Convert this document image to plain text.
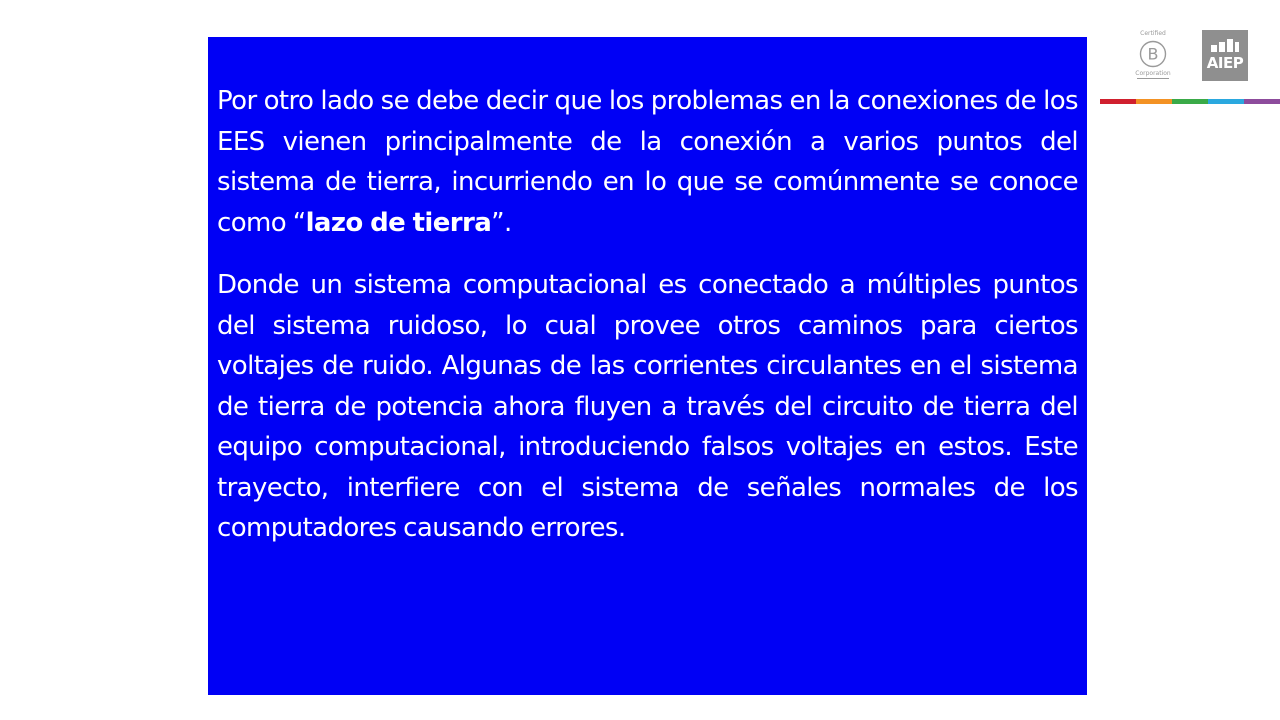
Por otro lado se debe decir que los problemas en la conexiones de los EES vienen principalmente de la conexión a varios puntos del sistema de tierra, incurriendo en lo que se comúnmente se conoce como “lazo de tierra”.

Donde un sistema computacional es conectado a múltiples puntos del sistema ruidoso, lo cual provee otros caminos para ciertos voltajes de ruido. Algunas de las corrientes circulantes en el sistema de tierra de potencia ahora fluyen a través del circuito de tierra del equipo computacional, introduciendo falsos voltajes en estos. Este trayecto, interfiere con el sistema de señales normales de los computadores causando errores.

Certified
B
Corporation
AIEP
